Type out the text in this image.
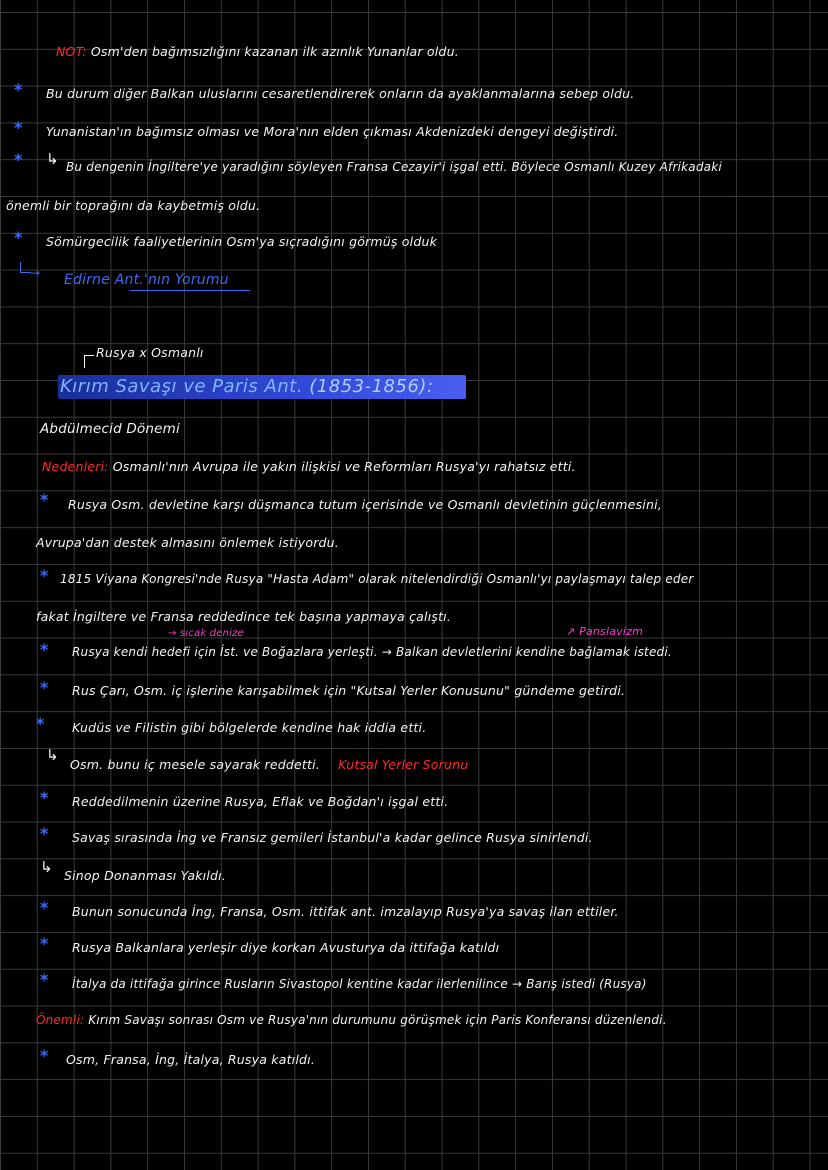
NOT: Osm'den bağımsızlığını kazanan ilk azınlık Yunanlar oldu.
* Bu durum diğer Balkan uluslarını cesaretlendirerek onların da ayaklanmalarına sebep oldu.
* Yunanistan'ın bağımsız olması ve Mora'nın elden çıkması Akdenizdeki dengeyi değiştirdi.
* ↳ Bu dengenin İngiltere'ye yaradığını söyleyen Fransa Cezayir'i işgal etti. Böylece Osmanlı Kuzey Afrikadaki
önemli bir toprağını da kaybetmiş oldu.
* Sömürgecilik faaliyetlerinin Osm'ya sıçradığını görmüş olduk
→ Edirne Ant.'nın Yorumu
Rusya x Osmanlı
Kırım Savaşı ve Paris Ant. (1853-1856):
Abdülmecid Dönemi
Nedenleri: Osmanlı'nın Avrupa ile yakın ilişkisi ve Reformları Rusya'yı rahatsız etti.
* Rusya Osm. devletine karşı düşmanca tutum içerisinde ve Osmanlı devletinin güçlenmesini,
Avrupa'dan destek almasını önlemek istiyordu.
* 1815 Viyana Kongresi'nde Rusya "Hasta Adam" olarak nitelendirdiği Osmanlı'yı paylaşmayı talep eder
fakat İngiltere ve Fransa reddedince tek başına yapmaya çalıştı.
→ sıcak denize	↗ Panslavizm
* Rusya kendi hedefi için İst. ve Boğazlara yerleşti. → Balkan devletlerini kendine bağlamak istedi.
* Rus Çarı, Osm. iç işlerine karışabilmek için "Kutsal Yerler Konusunu" gündeme getirdi.
* Kudüs ve Filistin gibi bölgelerde kendine hak iddia etti.
↳
Osm. bunu iç mesele sayarak reddetti. Kutsal Yerler Sorunu
* Reddedilmenin üzerine Rusya, Eflak ve Boğdan'ı işgal etti.
* Savaş sırasında İng ve Fransız gemileri İstanbul'a kadar gelince Rusya sinirlendi.
↳ Sinop Donanması Yakıldı.
* Bunun sonucunda İng, Fransa, Osm. ittifak ant. imzalayıp Rusya'ya savaş ilan ettiler.
* Rusya Balkanlara yerleşir diye korkan Avusturya da ittifağa katıldı
* İtalya da ittifağa girince Rusların Sivastopol kentine kadar ilerlenilince → Barış istedi (Rusya)
Önemli: Kırım Savaşı sonrası Osm ve Rusya'nın durumunu görüşmek için Paris Konferansı düzenlendi.
* Osm, Fransa, İng, İtalya, Rusya katıldı.
